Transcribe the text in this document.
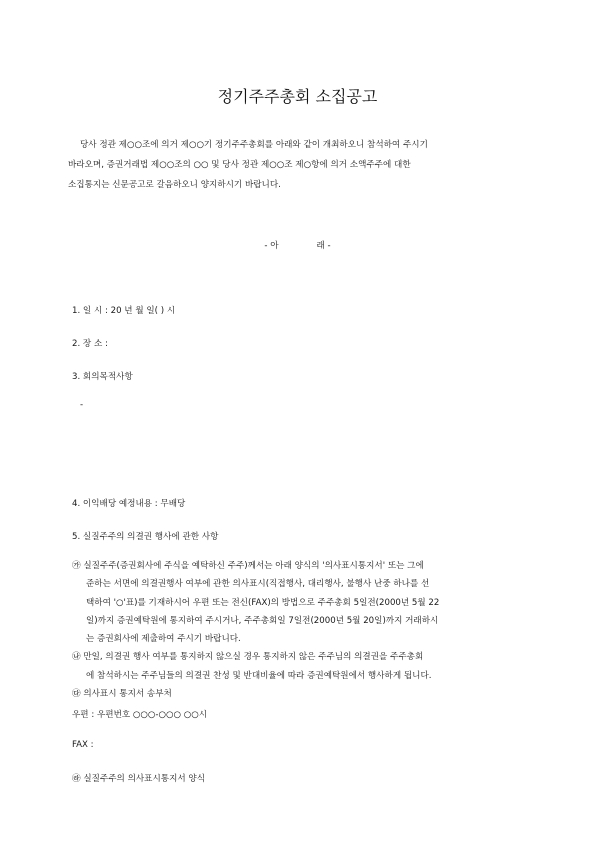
정기주주총회 소집공고
당사 정관 제○○조에 의거 제○○기 정기주주총회를 아래와 같이 개최하오니 참석하여 주시기
바라오며, 증권거래법 제○○조의 ○○ 및 당사 정관 제○○조 제○항에 의거 소액주주에 대한
소집통지는 신문공고로 갈음하오니 양지하시기 바랍니다.
- 아	래 -
1. 일 시 : 20 년 월 일( ) 시
2. 장 소 :
3. 회의목적사항
-
4. 이익배당 예정내용 : 무배당
5. 실질주주의 의결권 행사에 관한 사항
㉮ 실질주주(증권회사에 주식을 예탁하신 주주)께서는 아래 양식의 '의사표시통지서' 또는 그에
준하는 서면에 의결권행사 여부에 관한 의사표시(직접행사, 대리행사, 불행사 난중 하나를 선
택하여 '○'표)를 기재하시어 우편 또는 전신(FAX)의 방법으로 주주총회 5일전(2000년 5월 22
일)까지 증권예탁원에 통지하여 주시거나, 주주총회일 7일전(2000년 5월 20일)까지 거래하시
는 증권회사에 제출하여 주시기 바랍니다.
㉯ 만일, 의결권 행사 여부를 통지하지 않으실 경우 통지하지 않은 주주님의 의결권을 주주총회
에 참석하시는 주주님들의 의결권 찬성 및 반대비율에 따라 증권예탁원에서 행사하게 됩니다.
㉰ 의사표시 통지서 송부처
우편 : 우편번호 ○○○-○○○ ○○시
FAX :
㉱ 실질주주의 의사표시통지서 양식
